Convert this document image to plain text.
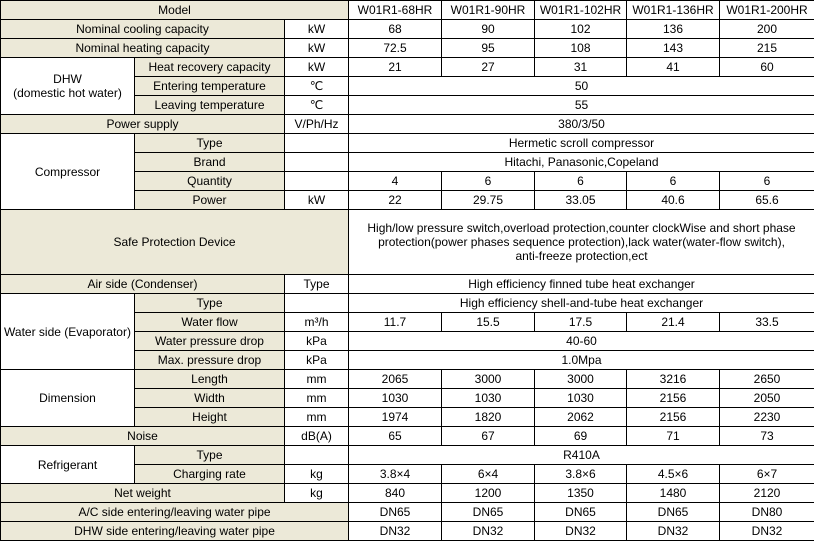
Model			W01R1-68HR	W01R1-90HR	W01R1-102HR	W01R1-136HR	W01R1-200HR
Nominal cooling capacity		kW	68	90	102	136	200
Nominal heating capacity		kW	72.5	95	108	143	215
DHW
(domestic hot water)	Heat recovery capacity	kW	21	27	31	41	60
	Entering temperature	℃	50				
	Leaving temperature	℃	55				
Power supply		V/Ph/Hz	380/3/50				
Compressor	Type		Hermetic scroll compressor				
	Brand		Hitachi, Panasonic,Copeland				
	Quantity		4	6	6	6	6
	Power	kW	22	29.75	33.05	40.6	65.6
Safe Protection Device			High/low pressure switch,overload protection,counter clockWise and short phase
protection(power phases sequence protection),lack water(water-flow switch),
anti-freeze protection,ect				
Air side (Condenser)		Type	High efficiency finned tube heat exchanger				
Water side (Evaporator)	Type		High efficiency shell-and-tube heat exchanger				
	Water flow	m³/h	11.7	15.5	17.5	21.4	33.5
	Water pressure drop	kPa	40-60				
	Max. pressure drop	kPa	1.0Mpa				
Dimension	Length	mm	2065	3000	3000	3216	2650
	Width	mm	1030	1030	1030	2156	2050
	Height	mm	1974	1820	2062	2156	2230
Noise		dB(A)	65	67	69	71	73
Refrigerant	Type		R410A				
	Charging rate	kg	3.8×4	6×4	3.8×6	4.5×6	6×7
Net weight		kg	840	1200	1350	1480	2120
A/C side entering/leaving water pipe			DN65	DN65	DN65	DN65	DN80
DHW side entering/leaving water pipe			DN32	DN32	DN32	DN32	DN32
